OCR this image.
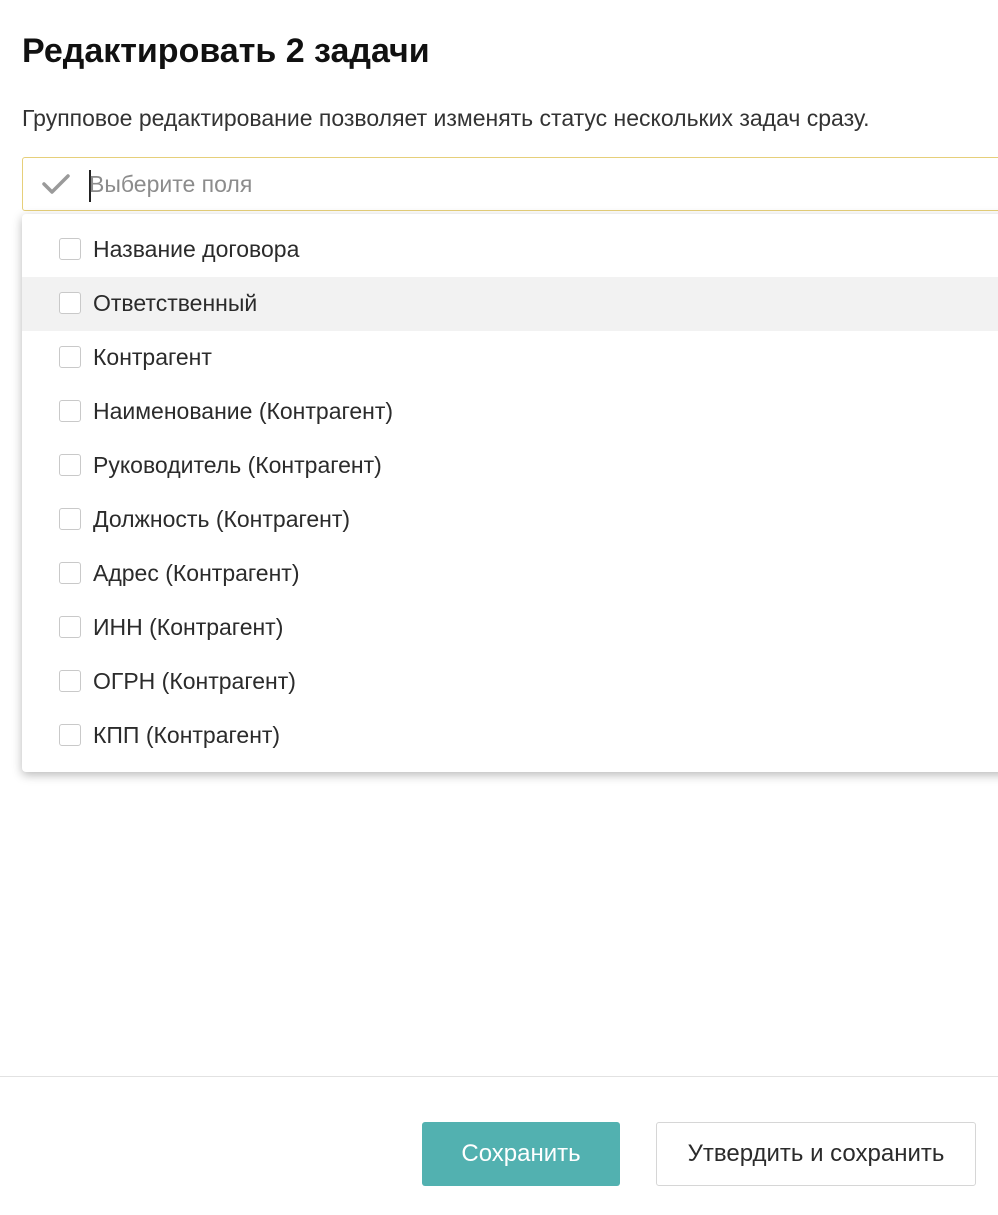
Редактировать 2 задачи
Групповое редактирование позволяет изменять статус нескольких задач сразу.
Выберите поля
Название договора
Ответственный
Контрагент
Наименование (Контрагент)
Руководитель (Контрагент)
Должность (Контрагент)
Адрес (Контрагент)
ИНН (Контрагент)
ОГРН (Контрагент)
КПП (Контрагент)
Сохранить	Утвердить и сохранить
